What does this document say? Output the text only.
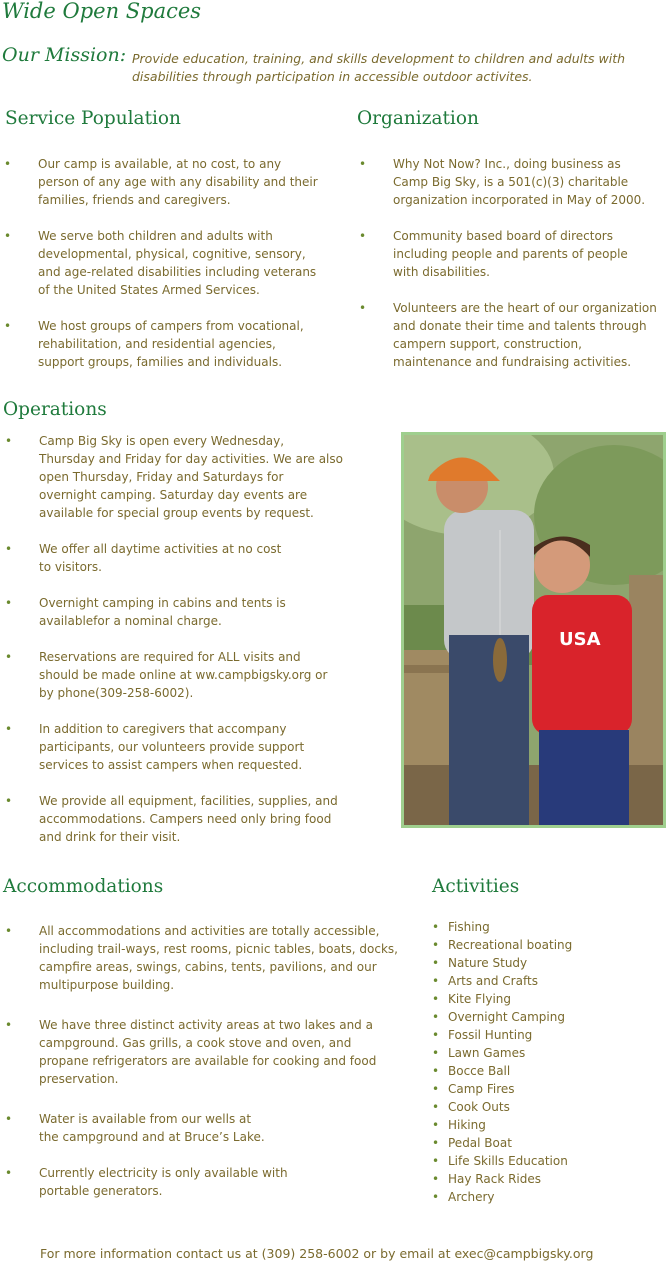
Wide Open Spaces
Our Mission: Provide education, training, and skills development to children and adults with disabilities through participation in accessible outdoor activites.
Service Population
• Our camp is available, at no cost, to any person of any age with any disability and their families, friends and caregivers.
• We serve both children and adults with developmental, physical, cognitive, sensory, and age-related disabilities including veterans of the United States Armed Services.
• We host groups of campers from vocational, rehabilitation, and residential agencies, support groups, families and individuals.
Organization
• Why Not Now? Inc., doing business as Camp Big Sky, is a 501(c)(3) charitable organization incorporated in May of 2000.
• Community based board of directors including people and parents of people with disabilities.
• Volunteers are the heart of our organization and donate their time and talents through campern support, construction, maintenance and fundraising activities.
Operations
• Camp Big Sky is open every Wednesday, Thursday and Friday for day activities. We are also open Thursday, Friday and Saturdays for overnight camping. Saturday day events are available for special group events by request.
• We offer all daytime activities at no cost to visitors.
• Overnight camping in cabins and tents is availablefor a nominal charge.
• Reservations are required for ALL visits and should be made online at ww.campbigsky.org or by phone(309-258-6002).
• In addition to caregivers that accompany participants, our volunteers provide support services to assist campers when requested.
• We provide all equipment, facilities, supplies, and accommodations. Campers need only bring food and drink for their visit.
USA
Accommodations
• All accommodations and activities are totally accessible, including trail-ways, rest rooms, picnic tables, boats, docks, campfire areas, swings, cabins, tents, pavilions, and our multipurpose building.
• We have three distinct activity areas at two lakes and a campground. Gas grills, a cook stove and oven, and propane refrigerators are available for cooking and food preservation.
• Water is available from our wells at the campground and at Bruce’s Lake.
• Currently electricity is only available with portable generators.
Activities
• Fishing
• Recreational boating
• Nature Study
• Arts and Crafts
• Kite Flying
• Overnight Camping
• Fossil Hunting
• Lawn Games
• Bocce Ball
• Camp Fires
• Cook Outs
• Hiking
• Pedal Boat
• Life Skills Education
• Hay Rack Rides
• Archery
For more information contact us at (309) 258-6002 or by email at exec@campbigsky.org
